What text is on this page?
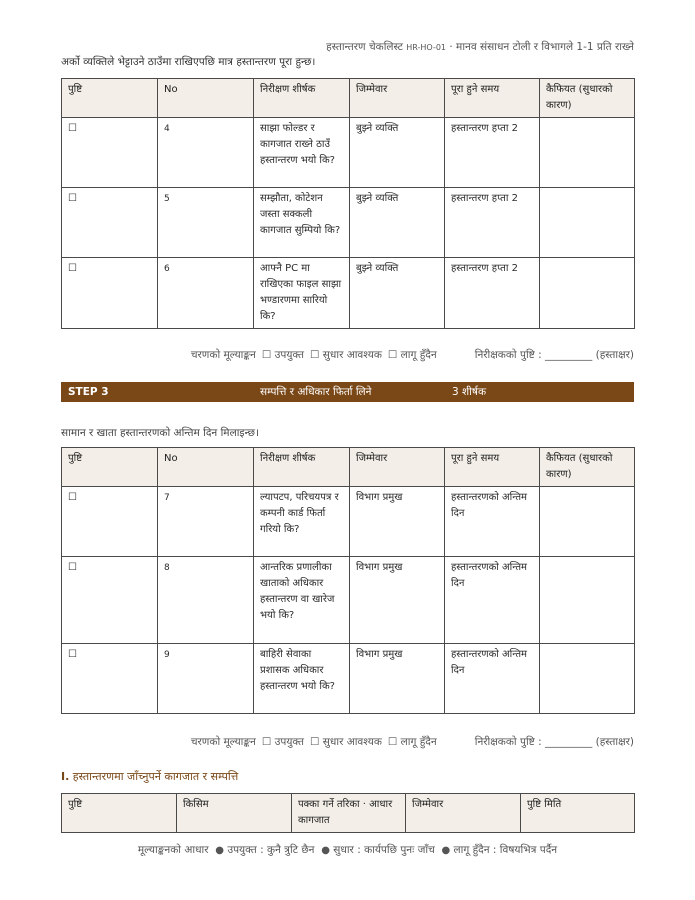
हस्तान्तरण चेकलिस्ट HR-HO-01 · मानव संसाधन टोली र विभागले 1-1 प्रति राख्ने
अर्को व्यक्तिले भेट्टाउने ठाउँमा राखिएपछि मात्र हस्तान्तरण पूरा हुन्छ।
पुष्टि	No	निरीक्षण शीर्षक	जिम्मेवार	पूरा हुने समय	कैफियत (सुधारको कारण)
☐	4	साझा फोल्डर र कागजात राख्ने ठाउँ हस्तान्तरण भयो कि?	बुझ्ने व्यक्ति	हस्तान्तरण हप्ता 2	
☐	5	सम्झौता, कोटेशन जस्ता सक्कली कागजात सुम्पियो कि?	बुझ्ने व्यक्ति	हस्तान्तरण हप्ता 2	
☐	6	आफ्नै PC मा राखिएका फाइल साझा भण्डारणमा सारियो कि?	बुझ्ने व्यक्ति	हस्तान्तरण हप्ता 2	
चरणको मूल्याङ्कन ☐ उपयुक्त ☐ सुधार आवश्यक ☐ लागू हुँदैन	निरीक्षकको पुष्टि : _________ (हस्ताक्षर)
STEP 3	सम्पत्ति र अधिकार फिर्ता लिने	3 शीर्षक
सामान र खाता हस्तान्तरणको अन्तिम दिन मिलाइन्छ।
पुष्टि	No	निरीक्षण शीर्षक	जिम्मेवार	पूरा हुने समय	कैफियत (सुधारको कारण)
☐	7	ल्यापटप, परिचयपत्र र कम्पनी कार्ड फिर्ता गरियो कि?	विभाग प्रमुख	हस्तान्तरणको अन्तिम दिन	
☐	8	आन्तरिक प्रणालीका खाताको अधिकार हस्तान्तरण वा खारेज भयो कि?	विभाग प्रमुख	हस्तान्तरणको अन्तिम दिन	
☐	9	बाहिरी सेवाका प्रशासक अधिकार हस्तान्तरण भयो कि?	विभाग प्रमुख	हस्तान्तरणको अन्तिम दिन	
चरणको मूल्याङ्कन ☐ उपयुक्त ☐ सुधार आवश्यक ☐ लागू हुँदैन	निरीक्षकको पुष्टि : _________ (हस्ताक्षर)
I. हस्तान्तरणमा जाँच्नुपर्ने कागजात र सम्पत्ति
पुष्टि	किसिम	पक्का गर्ने तरिका · आधार कागजात	जिम्मेवार	पुष्टि मिति
मूल्याङ्कनको आधार ● उपयुक्त : कुनै त्रुटि छैन ● सुधार : कार्यपछि पुनः जाँच ● लागू हुँदैन : विषयभित्र पर्दैन
